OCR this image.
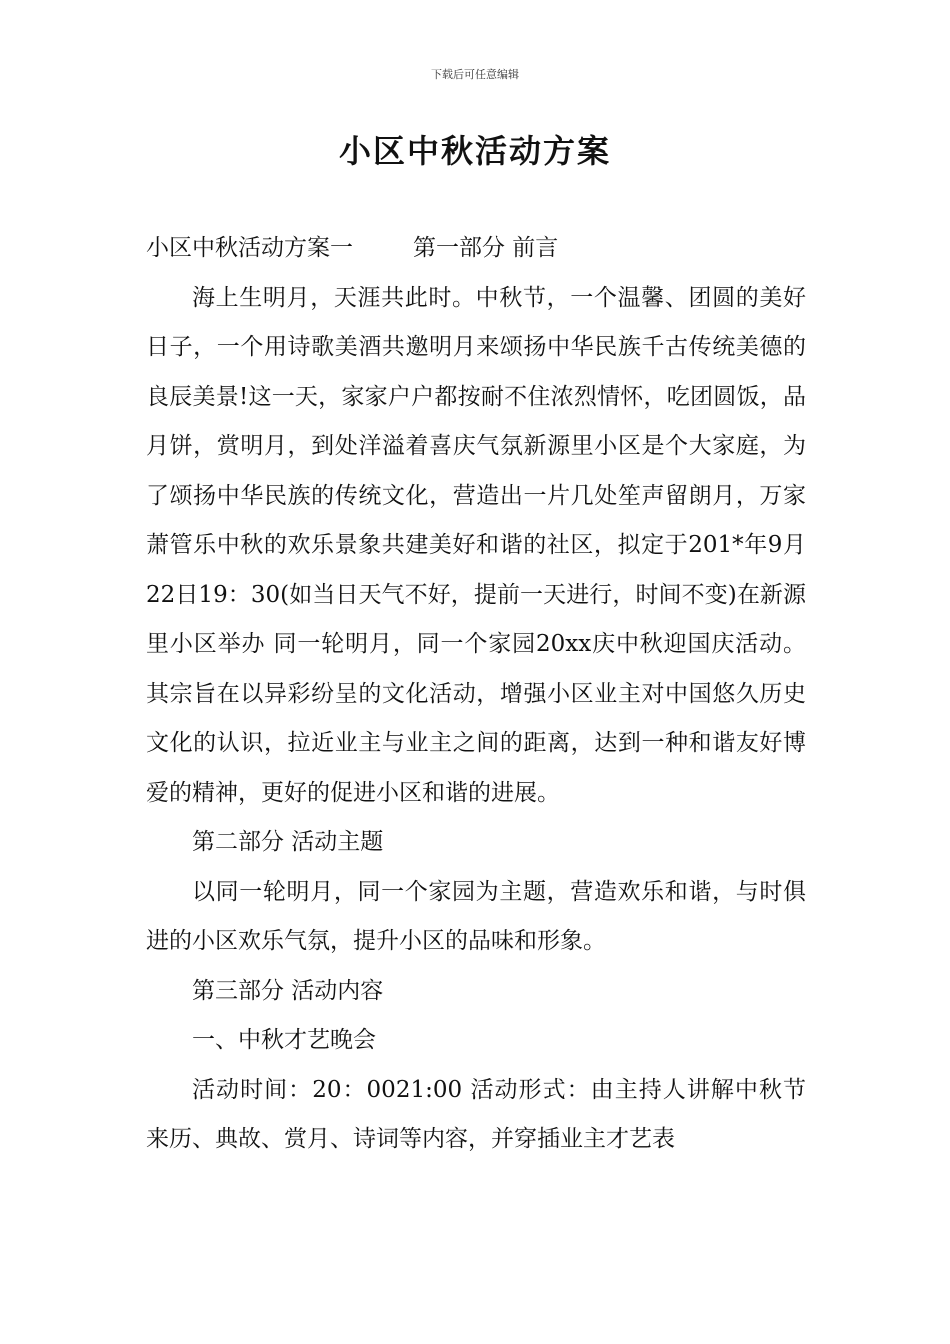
下载后可任意编辑
小区中秋活动方案

小区中秋活动方案一	第一部分 前言

海上生明月，天涯共此时。中秋节，一个温馨、团圆的美好日子，一个用诗歌美酒共邀明月来颂扬中华民族千古传统美德的良辰美景!这一天，家家户户都按耐不住浓烈情怀，吃团圆饭，品月饼，赏明月，到处洋溢着喜庆气氛新源里小区是个大家庭，为了颂扬中华民族的传统文化，营造出一片几处笙声留朗月，万家萧管乐中秋的欢乐景象共建美好和谐的社区，拟定于201*年9月22日19：30(如当日天气不好，提前一天进行，时间不变)在新源里小区举办 同一轮明月，同一个家园20xx庆中秋迎国庆活动。其宗旨在以异彩纷呈的文化活动，增强小区业主对中国悠久历史文化的认识，拉近业主与业主之间的距离，达到一种和谐友好博爱的精神，更好的促进小区和谐的进展。

第二部分 活动主题

以同一轮明月，同一个家园为主题，营造欢乐和谐，与时俱进的小区欢乐气氛，提升小区的品味和形象。

第三部分 活动内容

一、中秋才艺晚会

活动时间：20：0021:00 活动形式：由主持人讲解中秋节来历、典故、赏月、诗词等内容，并穿插业主才艺表
